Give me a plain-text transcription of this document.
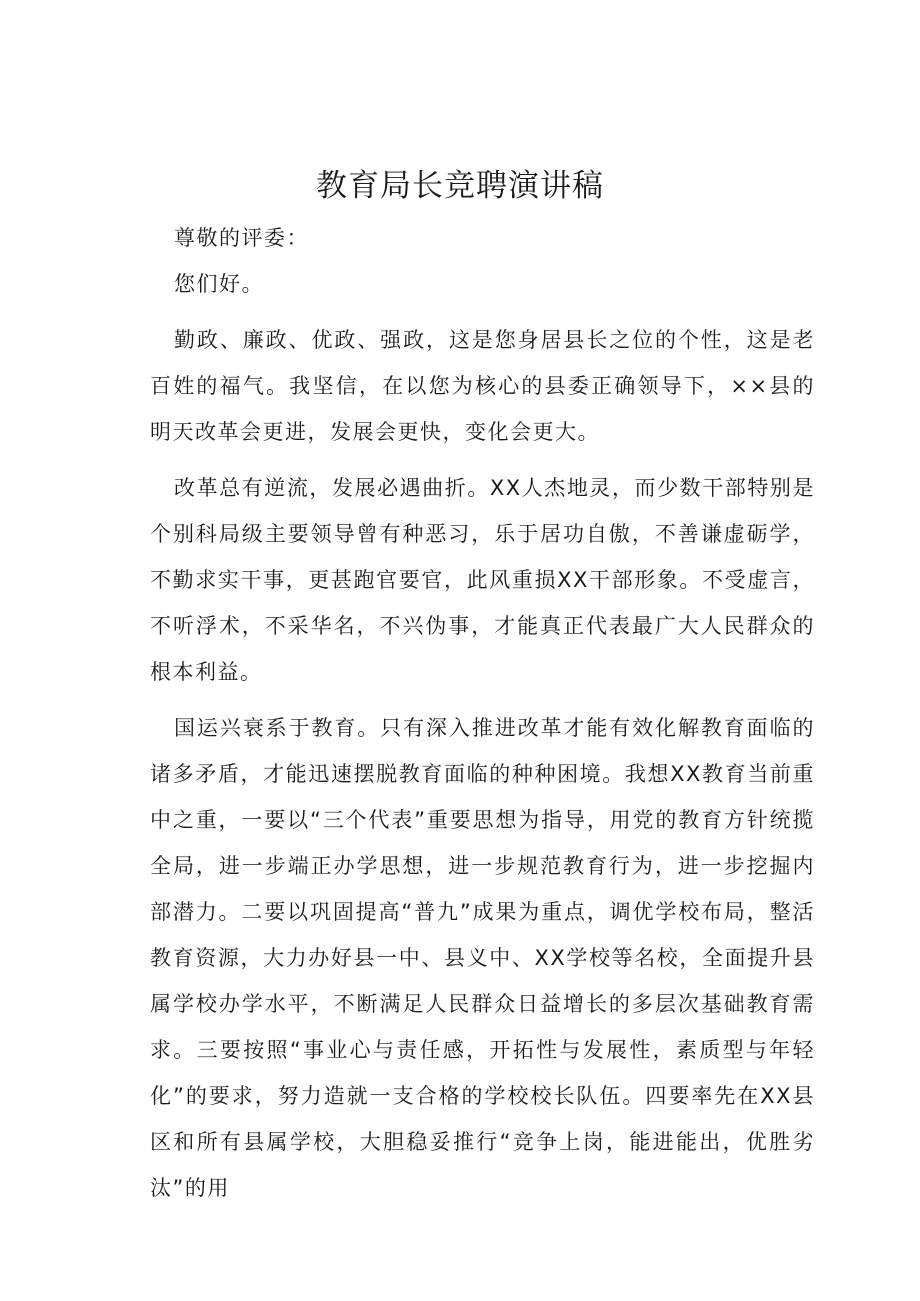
教育局长竞聘演讲稿

尊敬的评委：

您们好。

勤政、廉政、优政、强政，这是您身居县长之位的个性，这是老百姓的福气。我坚信，在以您为核心的县委正确领导下，××县的明天改革会更进，发展会更快，变化会更大。

改革总有逆流，发展必遇曲折。XX人杰地灵，而少数干部特别是个别科局级主要领导曾有种恶习，乐于居功自傲，不善谦虚砺学，不勤求实干事，更甚跑官要官，此风重损XX干部形象。不受虚言，不听浮术，不采华名，不兴伪事，才能真正代表最广大人民群众的根本利益。

国运兴衰系于教育。只有深入推进改革才能有效化解教育面临的诸多矛盾，才能迅速摆脱教育面临的种种困境。我想XX教育当前重中之重，一要以“三个代表”重要思想为指导，用党的教育方针统揽全局，进一步端正办学思想，进一步规范教育行为，进一步挖掘内部潜力。二要以巩固提高“普九”成果为重点，调优学校布局，整活教育资源，大力办好县一中、县义中、XX学校等名校，全面提升县属学校办学水平，不断满足人民群众日益增长的多层次基础教育需求。三要按照“事业心与责任感，开拓性与发展性，素质型与年轻化”的要求，努力造就一支合格的学校校长队伍。四要率先在XX县区和所有县属学校，大胆稳妥推行“竞争上岗，能进能出，优胜劣汰”的用
